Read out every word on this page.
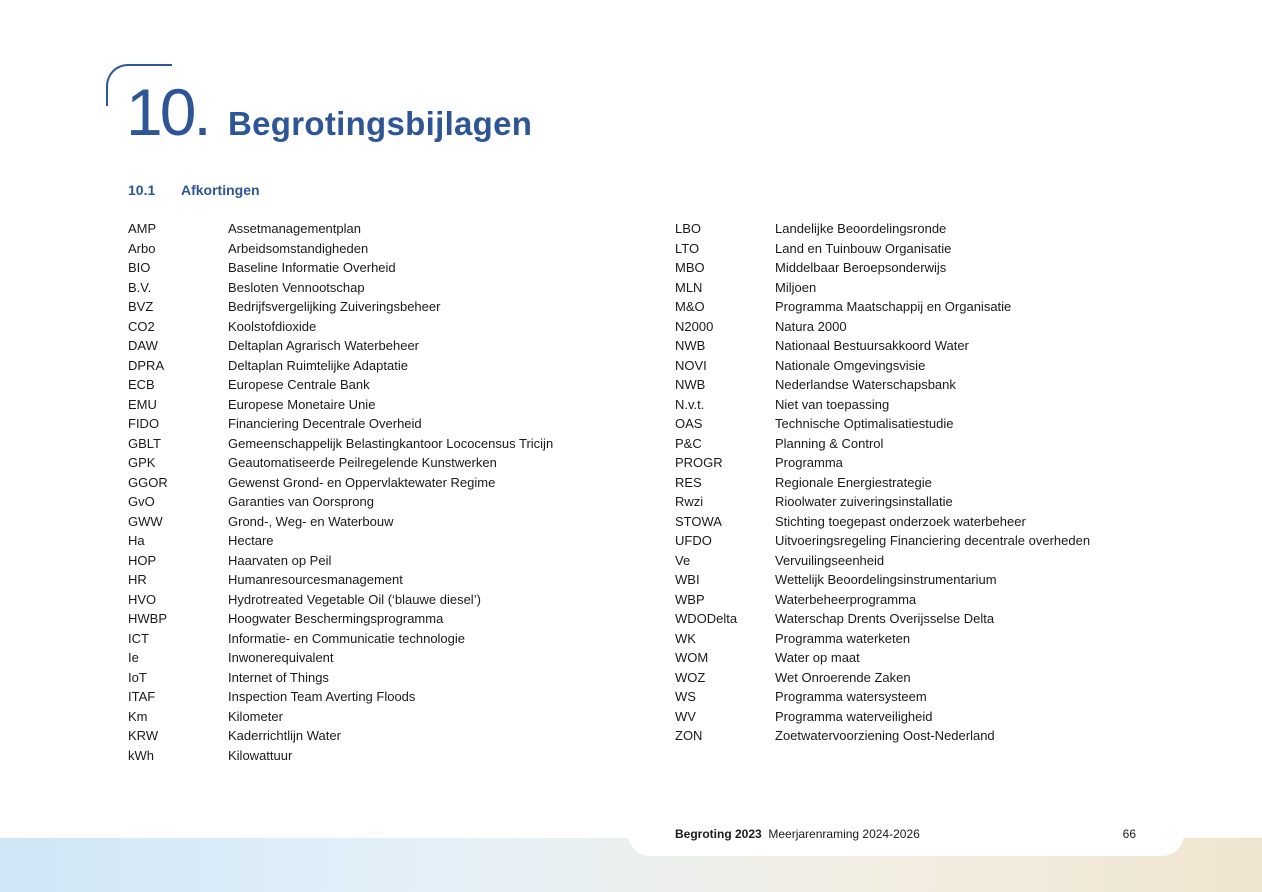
10. Begrotingsbijlagen
10.1 Afkortingen
AMP	Assetmanagementplan
Arbo	Arbeidsomstandigheden
BIO	Baseline Informatie Overheid
B.V.	Besloten Vennootschap
BVZ	Bedrijfsvergelijking Zuiveringsbeheer
CO2	Koolstofdioxide
DAW	Deltaplan Agrarisch Waterbeheer
DPRA	Deltaplan Ruimtelijke Adaptatie
ECB	Europese Centrale Bank
EMU	Europese Monetaire Unie
FIDO	Financiering Decentrale Overheid
GBLT	Gemeenschappelijk Belastingkantoor Lococensus Tricijn
GPK	Geautomatiseerde Peilregelende Kunstwerken
GGOR	Gewenst Grond- en Oppervlaktewater Regime
GvO	Garanties van Oorsprong
GWW	Grond-, Weg- en Waterbouw
Ha	Hectare
HOP	Haarvaten op Peil
HR	Humanresourcesmanagement
HVO	Hydrotreated Vegetable Oil (‘blauwe diesel’)
HWBP	Hoogwater Beschermingsprogramma
ICT	Informatie- en Communicatie technologie
Ie	Inwonerequivalent
IoT	Internet of Things
ITAF	Inspection Team Averting Floods
Km	Kilometer
KRW	Kaderrichtlijn Water
kWh	Kilowattuur
LBO	Landelijke Beoordelingsronde
LTO	Land en Tuinbouw Organisatie
MBO	Middelbaar Beroepsonderwijs
MLN	Miljoen
M&O	Programma Maatschappij en Organisatie
N2000	Natura 2000
NWB	Nationaal Bestuursakkoord Water
NOVI	Nationale Omgevingsvisie
NWB	Nederlandse Waterschapsbank
N.v.t.	Niet van toepassing
OAS	Technische Optimalisatiestudie
P&C	Planning & Control
PROGR	Programma
RES	Regionale Energiestrategie
Rwzi	Rioolwater zuiveringsinstallatie
STOWA	Stichting toegepast onderzoek waterbeheer
UFDO	Uitvoeringsregeling Financiering decentrale overheden
Ve	Vervuilingseenheid
WBI	Wettelijk Beoordelingsinstrumentarium
WBP	Waterbeheerprogramma
WDODelta	Waterschap Drents Overijsselse Delta
WK	Programma waterketen
WOM	Water op maat
WOZ	Wet Onroerende Zaken
WS	Programma watersysteem
WV	Programma waterveiligheid
ZON	Zoetwatervoorziening Oost-Nederland
Begroting 2023 Meerjarenraming 2024-2026	66
